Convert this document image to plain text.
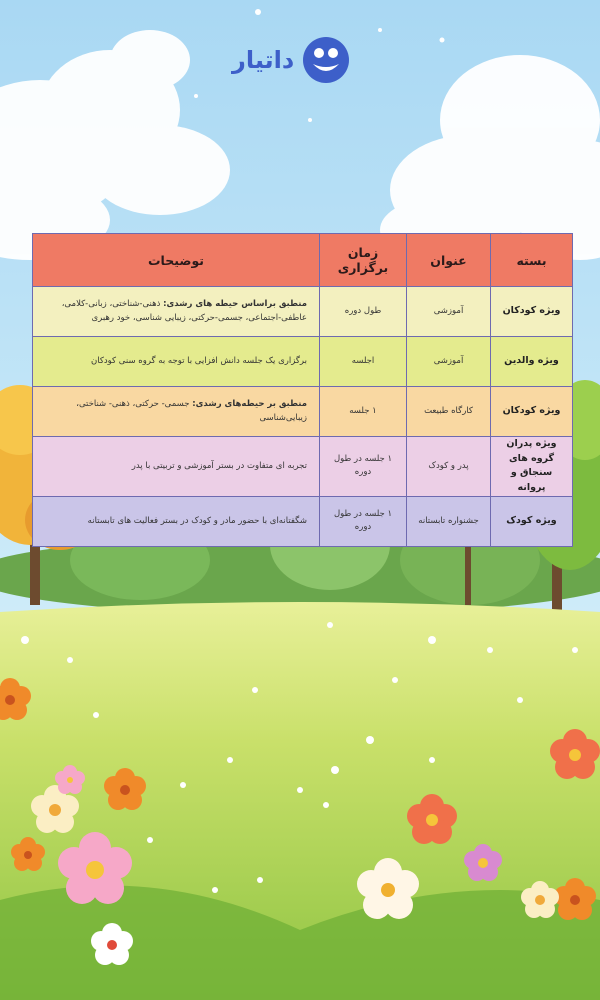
داتیار
بسته	عنوان	زمان برگزاری	توضیحات
ویژه کودکان	آموزشی	طول دوره	منطبق براساس حیطه های رشدی: ذهنی-شناختی، زبانی-کلامی، عاطفی-اجتماعی، جسمی-حرکتی، زیبایی شناسی، خود رهبری
ویژه والدین	آموزشی	اجلسه	برگزاری یک جلسه دانش افزایی با توجه به گروه سنی کودکان
ویژه کودکان	کارگاه طبیعت	۱ جلسه	منطبق بر حیطه‌های رشدی: جسمی- حرکتی، ذهنی- شناختی، زیبایی‌شناسی
ویژه پدران گروه های سنجاق و پروانه	پدر و کودک	۱ جلسه در طول دوره	تجربه ای متفاوت در بستر آموزشی و تربیتی با پدر
ویژه کودک	جشنواره تابستانه	۱ جلسه در طول دوره	شگفتانه‌ای با حضور مادر و کودک در بستر فعالیت های تابستانه
